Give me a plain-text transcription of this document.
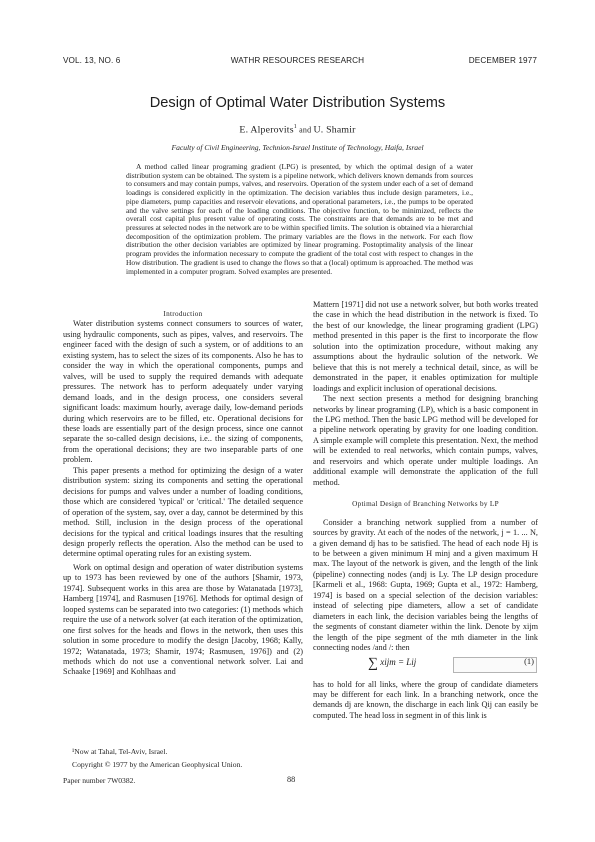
VOL. 13, NO. 6	WATHR RESOURCES RESEARCH	DECEMBER 1977
Design of Optimal Water Distribution Systems
E. Alperovits$^1$ and U. Shamir
Faculty of Civil Engineering, Technion-Israel Institute of Technology, Haifa, Israel
A method called linear programing gradient (LPG) is presented, by which the optimal design of a water distribution system can be obtained. The system is a pipeline network, which delivers known demands from sources to consumers and may contain pumps, valves, and reservoirs. Operation of the system under each of a set of demand loadings is considered explicitly in the optimization. The decision variables thus include design parameters, i.e., pipe diameters, pump capacities and reservoir elevations, and operational parameters, i.e., the pumps to be operated and the valve settings for each of the loading conditions. The objective function, to be minimized, reflects the overall cost capital plus present value of operating costs. The constraints are that demands are to be met and pressures at selected nodes in the network are to be within specified limits. The solution is obtained via a hierarchial decomposition of the optimization problem. The primary variables are the flows in the network. For each flow distribution the other decision variables are optimized by linear programing. Postoptimality analysis of the linear program provides the information necessary to compute the gradient of the total cost with respect to changes in the How distribution. The gradient is used to change the flows so that a (local) optimum is approached. The method was implemented in a computer program. Solved examples are presented.

Introduction

Water distribution systems connect consumers to sources of water, using hydraulic components, such as pipes, valves, and reservoirs. The engineer faced with the design of such a system, or of additions to an existing system, has to select the sizes of its components. Also he has to consider the way in which the operational components, pumps and valves, will be used to supply the required demands with adequate pressures. The network has to perform adequately under varying demand loads, and in the design process, one considers several significant loads: maximum hourly, average daily, low-demand periods during which reservoirs are to be filled, etc. Operational decisions for these loads are essentially part of the design process, since one cannot separate the so-called design decisions, i.e.. the sizing of components, from the operational decisions; they are two inseparable parts of one problem.

This paper presents a method for optimizing the design of a water distribution system: sizing its components and setting the operational decisions for pumps and valves under a number of loading conditions, those which are considered 'typical' or 'critical.' The detailed sequence of operation of the system, say, over a day, cannot be determined by this method. Still, inclusion in the design process of the operational decisions for the typical and critical loadings insures that the resulting design properly reflects the operation. Also the method can be used to determine optimal operating rules for an existing system.

Work on optimal design and operation of water distribution systems up to 1973 has been reviewed by one of the authors [Shamir, 1973, 1974]. Subsequent works in this area are those by Watanatada [1973], Hamberg [1974], and Rasmusen [1976]. Methods for optimal design of looped systems can be separated into two categories: (1) methods which require the use of a network solver (at each iteration of the optimization, one first solves for the heads and flows in the network, then uses this solution in some procedure to modify the design [Jacoby, 1968; Kally, 1972; Watanatada, 1973; Shamir, 1974; Rasmusen, 1976]) and (2) methods which do not use a conventional network solver. Lai and Schaake [1969] and Kohlhaas and

Mattern [1971] did not use a network solver, but both works treated the case in which the head distribution in the network is fixed. To the best of our knowledge, the linear programing gradient (LPG) method presented in this paper is the first to incorporate the flow solution into the optimization procedure, without making any assumptions about the hydraulic solution of the network. We believe that this is not merely a technical detail, since, as will be demonstrated in the paper, it enables optimization for multiple loadings and explicit inclusion of operational decisions.

The next section presents a method for designing branching networks by linear programing (LP), which is a basic component in the LPG method. Then the basic LPG method will be developed for a pipeline network operating by gravity for one loading condition. A simple example will complete this presentation. Next, the method will be extended to real networks, which contain pumps, valves, and reservoirs and which operate under multiple loadings. An additional example will demonstrate the application of the full method.

Optimal Design of Branching Networks by LP

Consider a branching network supplied from a number of sources by gravity. At each of the nodes of the network, j = 1. ... N, a given demand dj has to be satisfied. The head of each node Hj is to be between a given minimum H minj and a given maximum H max. The layout of the network is given, and the length of the link (pipeline) connecting nodes (andj is Ly. The LP design procedure [Karmeli et al., 1968: Gupta, 1969; Gupta et al., 1972: Hamberg, 1974] is based on a special selection of the decision variables: instead of selecting pipe diameters, allow a set of candidate diameters in each link, the decision variables being the lengths of the segments of constant diameter within the link. Denote by xijm the length of the pipe segment of the mth diameter in the link connecting nodes /and /: then

∑ xijm = Lij	(1)

has to hold for all links, where the group of candidate diameters may be different for each link. In a branching network, once the demands dj are known, the discharge in each link Qij can easily be computed. The head loss in segment in of this link is

¹Now at Tahal, Tel-Aviv, Israel.
Copyright © 1977 by the American Geophysical Union.
Paper number 7W0382.	88
